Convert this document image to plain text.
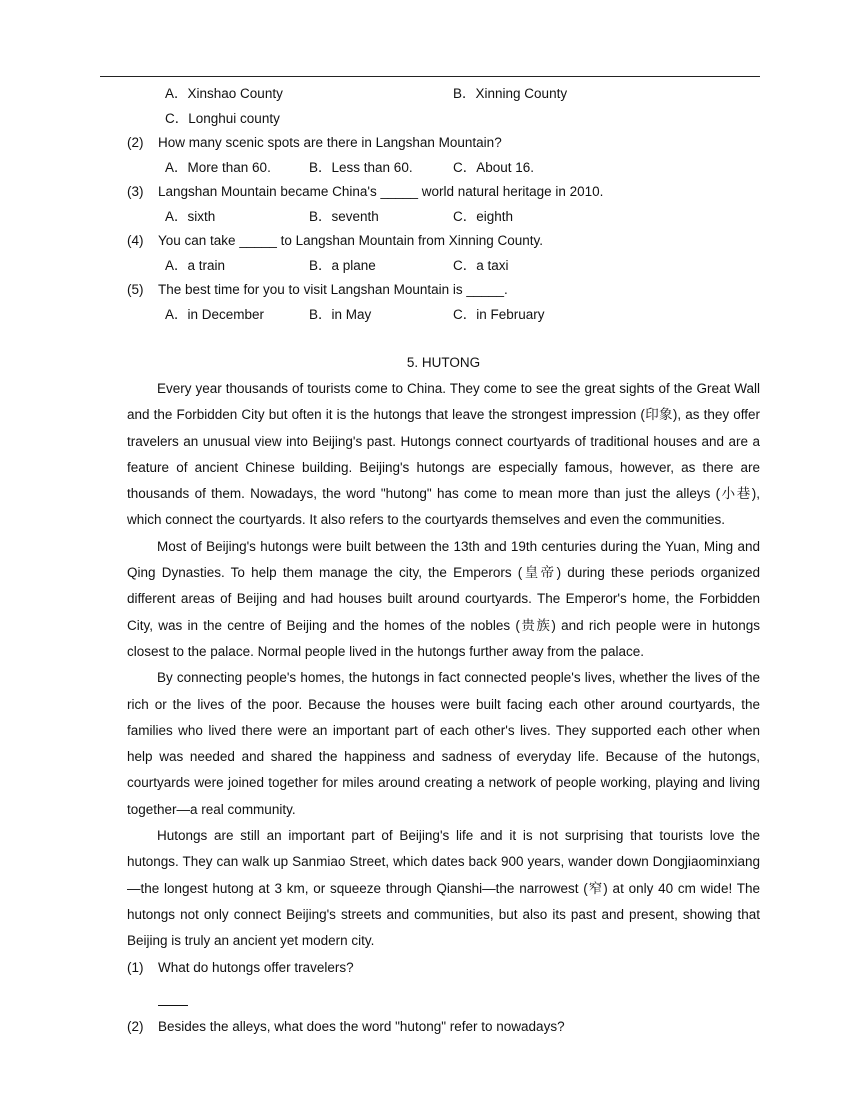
A．Xinshao County	B．Xinning County
C．Longhui county
(2)	How many scenic spots are there in Langshan Mountain?
A．More than 60.	B．Less than 60.	C．About 16.
(3)	Langshan Mountain became China's _____ world natural heritage in 2010.
A．sixth	B．seventh	C．eighth
(4)	You can take _____ to Langshan Mountain from Xinning County.
A．a train	B．a plane	C．a taxi
(5)	The best time for you to visit Langshan Mountain is _____.
A．in December	B．in May	C．in February
5. HUTONG

Every year thousands of tourists come to China. They come to see the great sights of the Great Wall and the Forbidden City but often it is the hutongs that leave the strongest impression (印象), as they offer travelers an unusual view into Beijing's past. Hutongs connect courtyards of traditional houses and are a feature of ancient Chinese building. Beijing's hutongs are especially famous, however, as there are thousands of them. Nowadays, the word "hutong" has come to mean more than just the alleys (小巷), which connect the courtyards. It also refers to the courtyards themselves and even the communities.

Most of Beijing's hutongs were built between the 13th and 19th centuries during the Yuan, Ming and Qing Dynasties. To help them manage the city, the Emperors (皇帝) during these periods organized different areas of Beijing and had houses built around courtyards. The Emperor's home, the Forbidden City, was in the centre of Beijing and the homes of the nobles (贵族) and rich people were in hutongs closest to the palace. Normal people lived in the hutongs further away from the palace.

By connecting people's homes, the hutongs in fact connected people's lives, whether the lives of the rich or the lives of the poor. Because the houses were built facing each other around courtyards, the families who lived there were an important part of each other's lives. They supported each other when help was needed and shared the happiness and sadness of everyday life. Because of the hutongs, courtyards were joined together for miles around creating a network of people working, playing and living together—a real community.

Hutongs are still an important part of Beijing's life and it is not surprising that tourists love the hutongs. They can walk up Sanmiao Street, which dates back 900 years, wander down Dongjiaominxiang—the longest hutong at 3 km, or squeeze through Qianshi—the narrowest (窄) at only 40 cm wide! The hutongs not only connect Beijing's streets and communities, but also its past and present, showing that Beijing is truly an ancient yet modern city.

(1)	What do hutongs offer travelers?
(2)	Besides the alleys, what does the word "hutong" refer to nowadays?
